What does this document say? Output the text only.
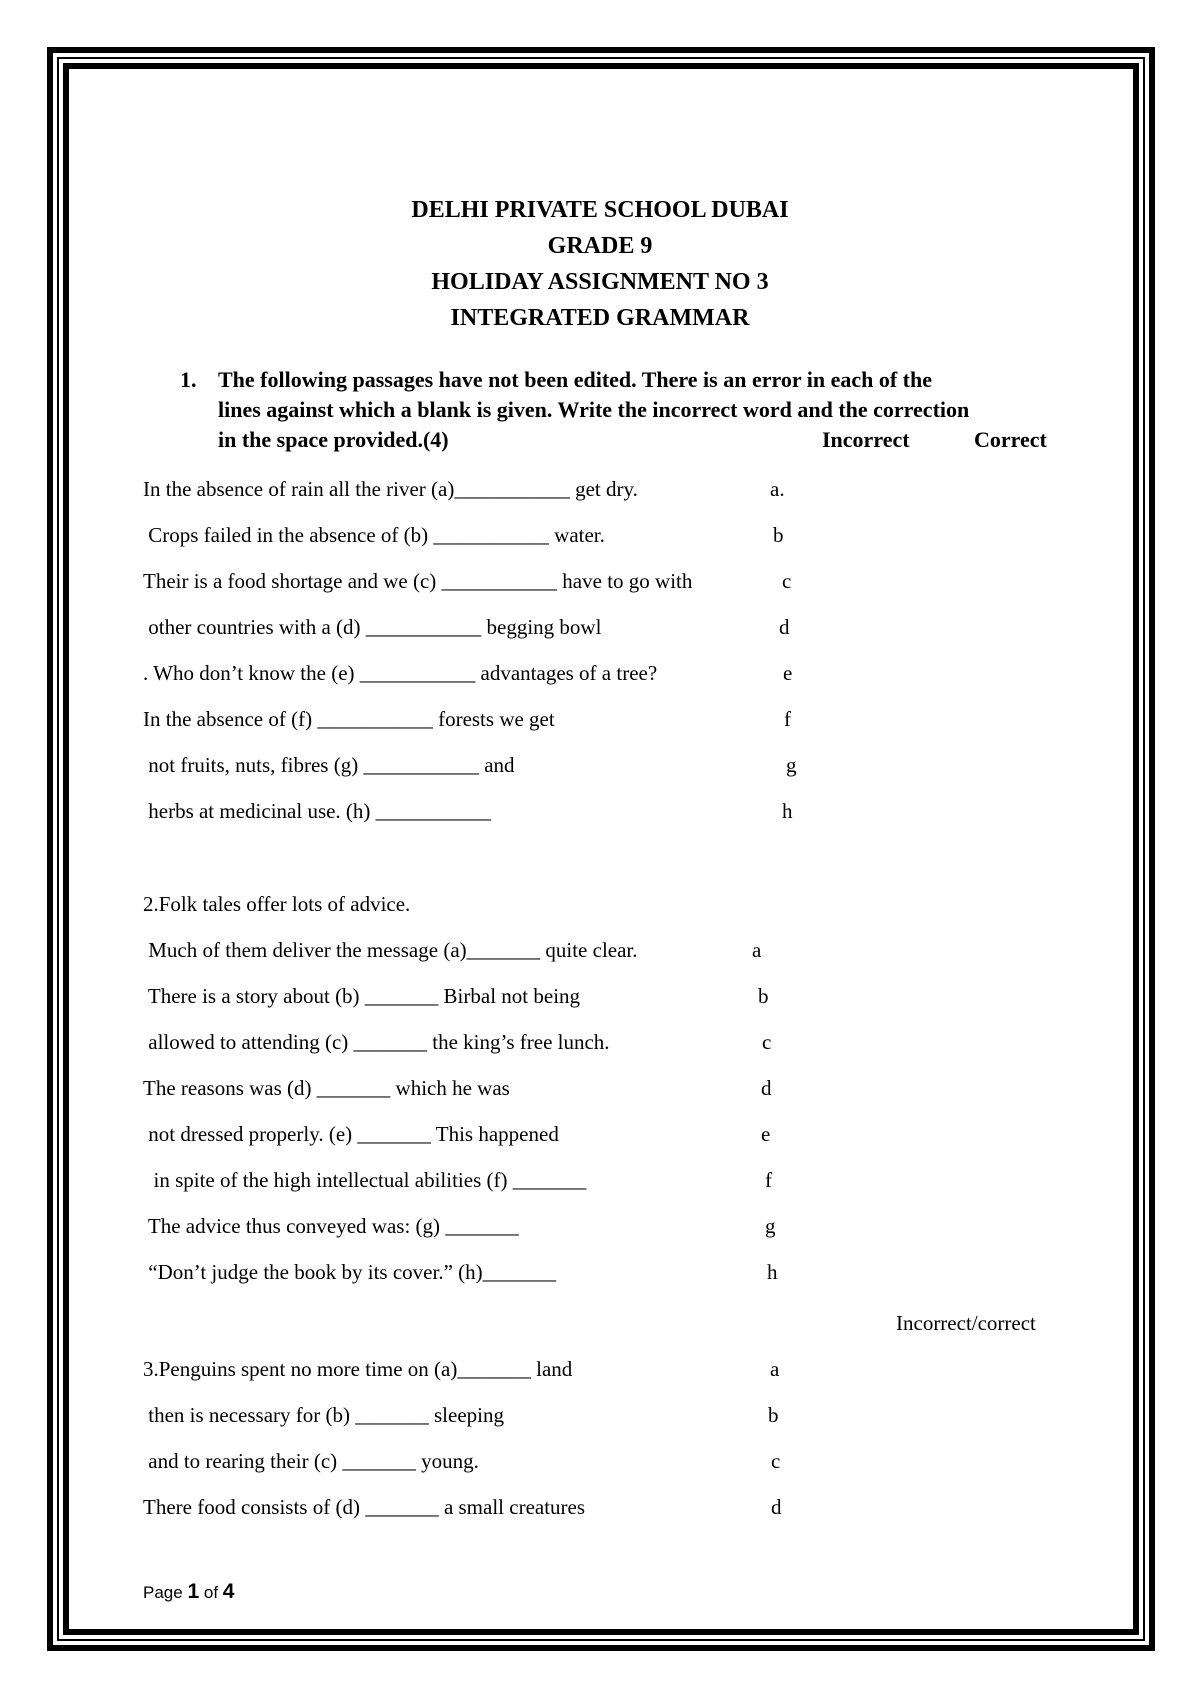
DELHI PRIVATE SCHOOL DUBAI
GRADE 9
HOLIDAY ASSIGNMENT NO 3
INTEGRATED GRAMMAR
1. The following passages have not been edited. There is an error in each of the
lines against which a blank is given. Write the incorrect word and the correction
in the space provided.(4)	Incorrect	Correct
In the absence of rain all the river (a)___________ get dry.	a.
Crops failed in the absence of (b) ___________ water.	b
Their is a food shortage and we (c) ___________ have to go with	c
other countries with a (d) ___________ begging bowl	d
. Who don’t know the (e) ___________ advantages of a tree?	e
In the absence of (f) ___________ forests we get	f
not fruits, nuts, fibres (g) ___________ and	g
herbs at medicinal use. (h) ___________	h
2.Folk tales offer lots of advice.
Much of them deliver the message (a)_______ quite clear.	a
There is a story about (b) _______ Birbal not being	b
allowed to attending (c) _______ the king’s free lunch.	c
The reasons was (d) _______ which he was	d
not dressed properly. (e) _______ This happened	e
in spite of the high intellectual abilities (f) _______	f
The advice thus conveyed was: (g) _______	g
“Don’t judge the book by its cover.” (h)_______	h
Incorrect/correct
3.Penguins spent no more time on (a)_______ land	a
then is necessary for (b) _______ sleeping	b
and to rearing their (c) _______ young.	c
There food consists of (d) _______ a small creatures	d
Page 1 of 4
